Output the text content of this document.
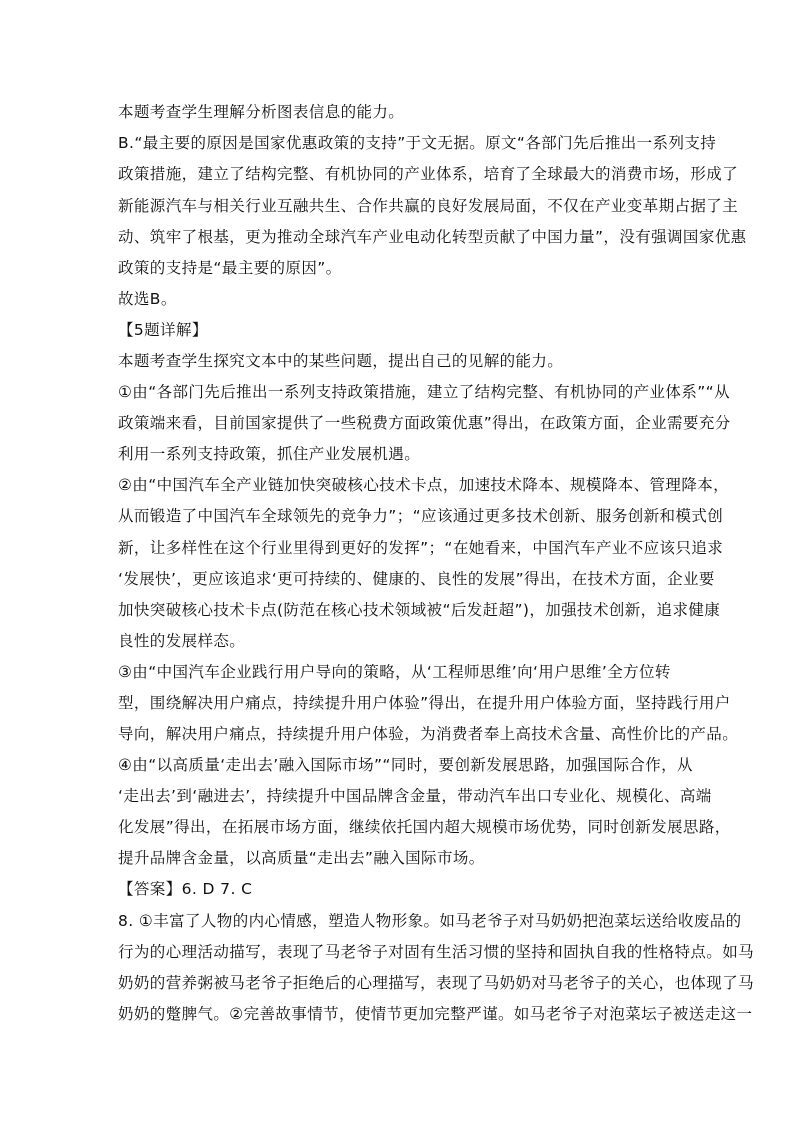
本题考查学生理解分析图表信息的能力。
B.“最主要的原因是国家优惠政策的支持”于文无据。原文“各部门先后推出一系列支持
政策措施，建立了结构完整、有机协同的产业体系，培育了全球最大的消费市场，形成了
新能源汽车与相关行业互融共生、合作共赢的良好发展局面，不仅在产业变革期占据了主
动、筑牢了根基，更为推动全球汽车产业电动化转型贡献了中国力量”，没有强调国家优惠
政策的支持是“最主要的原因”。
故选B。
【5题详解】
本题考查学生探究文本中的某些问题，提出自己的见解的能力。
①由“各部门先后推出一系列支持政策措施，建立了结构完整、有机协同的产业体系”“从
政策端来看，目前国家提供了一些税费方面政策优惠”得出，在政策方面，企业需要充分
利用一系列支持政策，抓住产业发展机遇。
②由“中国汽车全产业链加快突破核心技术卡点，加速技术降本、规模降本、管理降本，
从而锻造了中国汽车全球领先的竞争力”；“应该通过更多技术创新、服务创新和模式创
新，让多样性在这个行业里得到更好的发挥”；“在她看来，中国汽车产业不应该只追求
‘发展快’，更应该追求‘更可持续的、健康的、良性的发展”得出，在技术方面，企业要
加快突破核心技术卡点(防范在核心技术领域被“后发赶超”)，加强技术创新，追求健康
良性的发展样态。
③由“中国汽车企业践行用户导向的策略，从‘工程师思维’向‘用户思维’全方位转
型，围绕解决用户痛点，持续提升用户体验”得出，在提升用户体验方面，坚持践行用户
导向，解决用户痛点，持续提升用户体验，为消费者奉上高技术含量、高性价比的产品。
④由“以高质量‘走出去’融入国际市场”“同时，要创新发展思路，加强国际合作，从
‘走出去’到‘融进去’，持续提升中国品牌含金量，带动汽车出口专业化、规模化、高端
化发展”得出，在拓展市场方面，继续依托国内超大规模市场优势，同时创新发展思路，
提升品牌含金量，以高质量“走出去”融入国际市场。
【答案】6. D 7. C
8. ①丰富了人物的内心情感，塑造人物形象。如马老爷子对马奶奶把泡菜坛送给收废品的
行为的心理活动描写，表现了马老爷子对固有生活习惯的坚持和固执自我的性格特点。如马
奶奶的营养粥被马老爷子拒绝后的心理描写，表现了马奶奶对马老爷子的关心，也体现了马
奶奶的蹩脾气。②完善故事情节，使情节更加完整严谨。如马老爷子对泡菜坛子被送走这一
